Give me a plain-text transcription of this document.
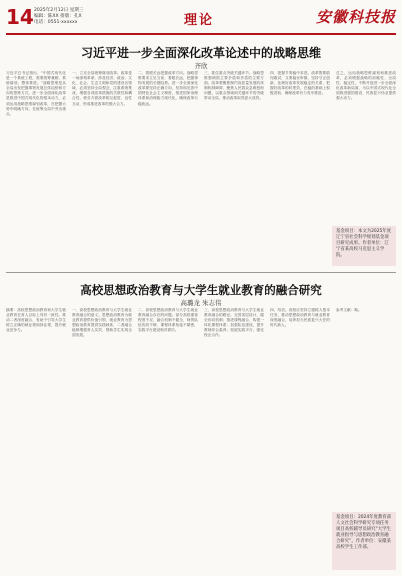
14 2025年2月12日 星期三
编辑：陈XX 排版：孔X
电话：0551-xxxxxx	理论	安徽科技报
习近平进一步全面深化改革论述中的战略思维
齐欣
习近平总书记指出，“中国式现代化是一个系统工程，需要统筹兼顾、系统谋划、整体推进。”战略思维是从全局出发把握事物发展总体趋势和方向的思维方式。进一步全面深化改革是推进中国式现代化的根本动力，必须运用战略思维谋划改革，在把握大势中明确方向，在统筹全局中突出重点。
一、立足全局统筹谋划改革。改革是一场深刻革命，涉及经济、政治、文化、社会、生态文明和党的建设各领域，必须坚持全局观念，注重系统集成，增强各项改革措施的关联性和耦合性，使各方面改革相互促进、良性互动，形成推进改革的强大合力。
二、着眼长远把握改革方向。战略思维要求立足当前、着眼长远，把握事物发展的长期趋势。进一步全面深化改革要坚持正确方向，坚持和完善中国特色社会主义制度，推进国家治理体系和治理能力现代化，确保改革行稳致远。
三、抓住重点突破关键环节。战略思维强调抓主要矛盾和矛盾的主要方面。改革要聚焦制约高质量发展的体制机制障碍，聚焦人民群众急难愁盼问题，以重点领域和关键环节的突破带动全局，推动改革取得更大成效。
四、把握节奏稳中求进。改革既要敢闯敢试，又要稳妥审慎，坚持守正创新，处理好改革发展稳定的关系，把握好改革的时度效，在稳的基础上积极进取，确保改革有力有序推进。
总之，运用战略思维谋划和推进改革，必须增强战略的前瞻性、全局性、稳定性，不断开创进一步全面深化改革新局面，为以中国式现代化全面推进强国建设、民族复兴伟业提供强大动力。
基金项目：本文为2025年度辽宁省社会科学规划基金项目研究成果。作者单位：辽宁省某高校马克思主义学院。
高校思想政治教育与大学生就业教育的融合研究
高璐龙 朱志伟
摘要：高校思想政治教育和大学生就业教育在育人目标上具有一致性。推动二者深度融合，有助于引导大学生树立正确的就业观和择业观，提升就业竞争力。
一、高校思想政治教育与大学生就业教育融合的意义。思想政治教育为就业教育提供价值引领，就业教育为思想政治教育提供实践载体，二者融合能够增强育人实效，帮助学生实现全面发展。
二、高校思想政治教育与大学生就业教育融合存在的问题。部分高校重视程度不足，融合机制不健全，师资队伍协同不够，课程体系衔接不紧密，实践平台建设相对滞后。
三、高校思想政治教育与大学生就业教育融合的路径。完善顶层设计，健全协同机制；推进课程融合，构建一体化课程体系；加强队伍建设，提升教师综合素养；拓展实践平台，强化校企合作。
四、结语。高校应坚持立德树人根本任务，推动思想政治教育与就业教育深度融合，培养担当民族复兴大任的时代新人。
参考文献：略。
基金项目：2024年度教育部人文社会科学研究专项任务项目高校辅导员研究“大学生就业指导与思想政治教育融合研究”。作者单位：安徽某高校学生工作部。
